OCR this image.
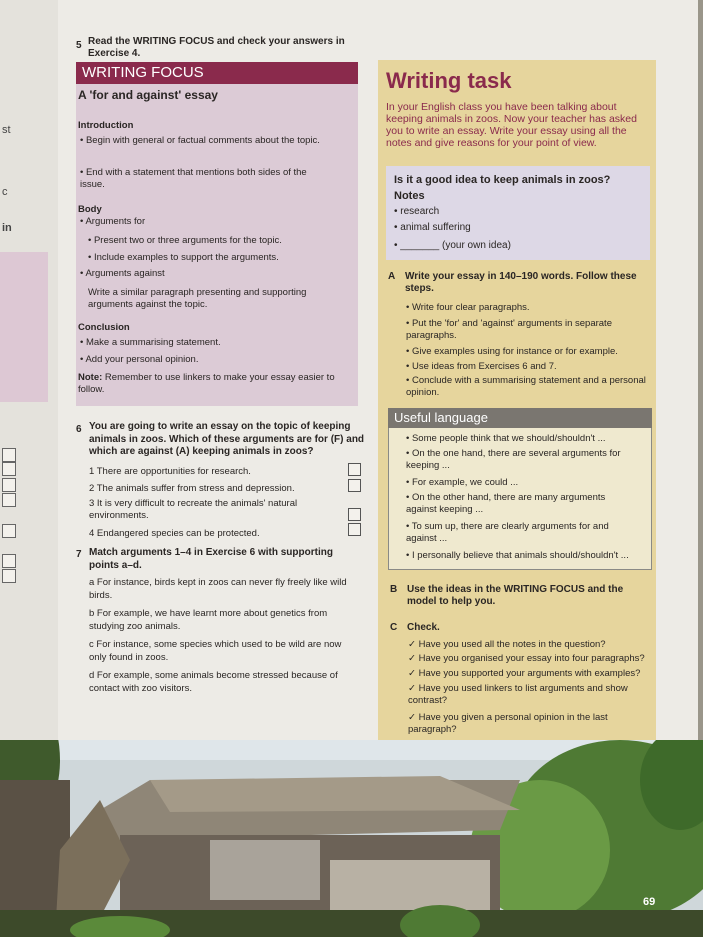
st
c
in
5 Read the WRITING FOCUS and check your answers in Exercise 4.
WRITING FOCUS
A 'for and against' essay
Introduction
• Begin with general or factual comments about the topic.
• End with a statement that mentions both sides of the issue.
Body
• Arguments for
• Present two or three arguments for the topic.
• Include examples to support the arguments.
• Arguments against
Write a similar paragraph presenting and supporting arguments against the topic.
Conclusion
• Make a summarising statement.
• Add your personal opinion.
Note: Remember to use linkers to make your essay easier to follow.
6 You are going to write an essay on the topic of keeping animals in zoos. Which of these arguments are for (F) and which are against (A) keeping animals in zoos?
1 There are opportunities for research.
2 The animals suffer from stress and depression.
3 It is very difficult to recreate the animals' natural environments.
4 Endangered species can be protected.
7 Match arguments 1–4 in Exercise 6 with supporting points a–d.
a For instance, birds kept in zoos can never fly freely like wild birds.
b For example, we have learnt more about genetics from studying zoo animals.
c For instance, some species which used to be wild are now only found in zoos.
d For example, some animals become stressed because of contact with zoo visitors.
Writing task
In your English class you have been talking about keeping animals in zoos. Now your teacher has asked you to write an essay. Write your essay using all the notes and give reasons for your point of view.
Is it a good idea to keep animals in zoos?
Notes
• research
• animal suffering
• _______ (your own idea)
A Write your essay in 140–190 words. Follow these steps.
• Write four clear paragraphs.
• Put the 'for' and 'against' arguments in separate paragraphs.
• Give examples using for instance or for example.
• Use ideas from Exercises 6 and 7.
• Conclude with a summarising statement and a personal opinion.
Useful language
• Some people think that we should/shouldn't ...
• On the one hand, there are several arguments for keeping ...
• For example, we could ...
• On the other hand, there are many arguments against keeping ...
• To sum up, there are clearly arguments for and against ...
• I personally believe that animals should/shouldn't ...
B Use the ideas in the WRITING FOCUS and the model to help you.
C Check.
✓ Have you used all the notes in the question?
✓ Have you organised your essay into four paragraphs?
✓ Have you supported your arguments with examples?
✓ Have you used linkers to list arguments and show contrast?
✓ Have you given a personal opinion in the last paragraph?
69
